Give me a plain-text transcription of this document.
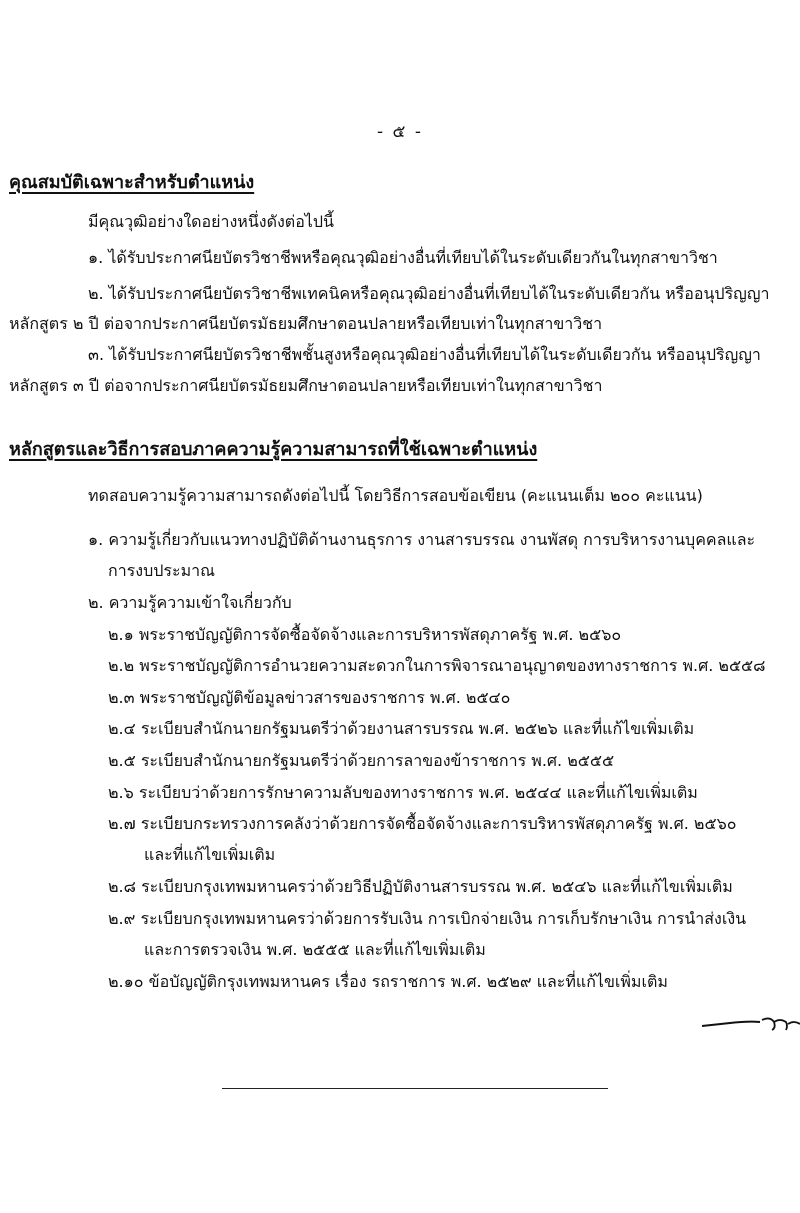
- ๕ -
คุณสมบัติเฉพาะสำหรับตำแหน่ง
มีคุณวุฒิอย่างใดอย่างหนึ่งดังต่อไปนี้
๑. ได้รับประกาศนียบัตรวิชาชีพหรือคุณวุฒิอย่างอื่นที่เทียบได้ในระดับเดียวกันในทุกสาขาวิชา
๒. ได้รับประกาศนียบัตรวิชาชีพเทคนิคหรือคุณวุฒิอย่างอื่นที่เทียบได้ในระดับเดียวกัน หรืออนุปริญญา
หลักสูตร ๒ ปี ต่อจากประกาศนียบัตรมัธยมศึกษาตอนปลายหรือเทียบเท่าในทุกสาขาวิชา
๓. ได้รับประกาศนียบัตรวิชาชีพชั้นสูงหรือคุณวุฒิอย่างอื่นที่เทียบได้ในระดับเดียวกัน หรืออนุปริญญา
หลักสูตร ๓ ปี ต่อจากประกาศนียบัตรมัธยมศึกษาตอนปลายหรือเทียบเท่าในทุกสาขาวิชา
หลักสูตรและวิธีการสอบภาคความรู้ความสามารถที่ใช้เฉพาะตำแหน่ง
ทดสอบความรู้ความสามารถดังต่อไปนี้ โดยวิธีการสอบข้อเขียน (คะแนนเต็ม ๒๐๐ คะแนน)
๑. ความรู้เกี่ยวกับแนวทางปฏิบัติด้านงานธุรการ งานสารบรรณ งานพัสดุ การบริหารงานบุคคลและ
การงบประมาณ
๒. ความรู้ความเข้าใจเกี่ยวกับ
๒.๑ พระราชบัญญัติการจัดซื้อจัดจ้างและการบริหารพัสดุภาครัฐ พ.ศ. ๒๕๖๐
๒.๒ พระราชบัญญัติการอำนวยความสะดวกในการพิจารณาอนุญาตของทางราชการ พ.ศ. ๒๕๕๘
๒.๓ พระราชบัญญัติข้อมูลข่าวสารของราชการ พ.ศ. ๒๕๔๐
๒.๔ ระเบียบสำนักนายกรัฐมนตรีว่าด้วยงานสารบรรณ พ.ศ. ๒๕๒๖ และที่แก้ไขเพิ่มเติม
๒.๕ ระเบียบสำนักนายกรัฐมนตรีว่าด้วยการลาของข้าราชการ พ.ศ. ๒๕๕๕
๒.๖ ระเบียบว่าด้วยการรักษาความลับของทางราชการ พ.ศ. ๒๕๔๔ และที่แก้ไขเพิ่มเติม
๒.๗ ระเบียบกระทรวงการคลังว่าด้วยการจัดซื้อจัดจ้างและการบริหารพัสดุภาครัฐ พ.ศ. ๒๕๖๐
และที่แก้ไขเพิ่มเติม
๒.๘ ระเบียบกรุงเทพมหานครว่าด้วยวิธีปฏิบัติงานสารบรรณ พ.ศ. ๒๕๔๖ และที่แก้ไขเพิ่มเติม
๒.๙ ระเบียบกรุงเทพมหานครว่าด้วยการรับเงิน การเบิกจ่ายเงิน การเก็บรักษาเงิน การนำส่งเงิน
และการตรวจเงิน พ.ศ. ๒๕๕๕ และที่แก้ไขเพิ่มเติม
๒.๑๐ ข้อบัญญัติกรุงเทพมหานคร เรื่อง รถราชการ พ.ศ. ๒๕๒๙ และที่แก้ไขเพิ่มเติม
